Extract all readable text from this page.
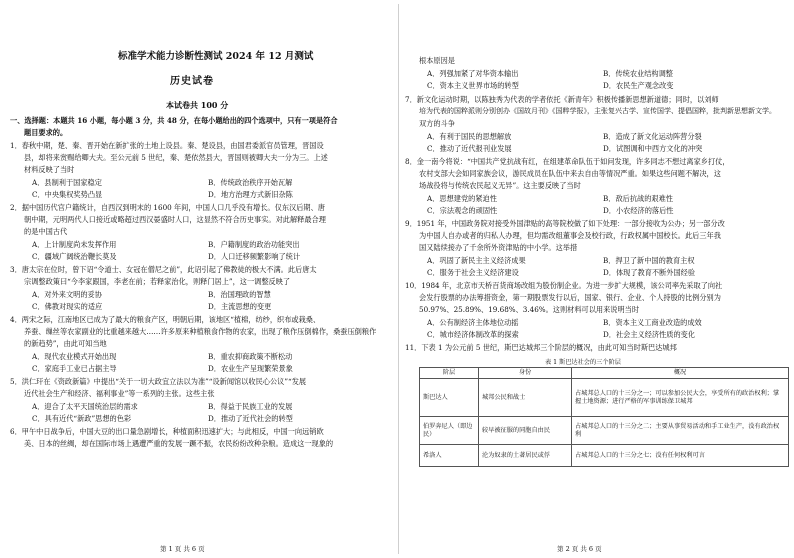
标准学术能力诊断性测试 2024 年 12 月测试
历史试卷
本试卷共 100 分
一、选择题：本题共 16 小题，每小题 3 分，共 48 分，在每小题给出的四个选项中，只有一项是符合
题目要求的。
1．春秋中期，楚、秦、晋开始在新扩张的土地上设县。秦、楚设县，由国君委派官员管理，晋国设
县，却将来赏赐给卿大夫。至公元前 5 世纪，秦、楚依然县大，晋国则被卿大夫一分为三。上述
材料反映了当时
A．县制利于国家稳定	B．传统政治秩序开始瓦解
C．中央集权奖势凸显	D．地方治理方式新旧杂陈
2．据中国历代官户籍统计，自西汉到明末的 1600 年间，中国人口几乎没有增长。仅东汉后期、唐
朝中期，元明两代人口接近或略超过西汉晏盛时人口，这显然不符合历史事实。对此解释最合理
的是中国古代
A．上计制度尚未发挥作用	B．户籍制度的政治功能突出
C．疆域广阔统治鞭长莫及	D．人口迁移频繁影响了统计
3．唐太宗在位时，曾下诏“令道士、女冠在僧尼之前”，此诏引起了佛教徒的极大不满。此后唐太
宗调整政策曰“今李家跟国，李老在前；若释家治化，则释门居上”，这一调整反映了
A．对外来文明的妥协	B．治国理政的智慧
C．佛教对现实的适应	D．主流思想的变更
4．两宋之际，江南地区已成为了最大的粮食产区，明朝后期，该地区“植棉，纺纱，织布或栽桑、
养蚕、缫丝等农家副业的比重越来越大……许多原来种植粮食作物的农家，出现了粮作压倒棉作，桑蚕压倒粮作
的新趋势”，由此可知当地
A．现代农业模式开始出现	B．重农抑商政策不断松动
C．家庭手工业已占据主导	D．农业生产呈现繁荣景象
5．洪仁玕在《资政新篇》中提出“关于一切大政宜立法以为准”“设新闻馆以收民心公议”“发展
近代社会生产和经济、福利事业”等一系列的主张。这些主张
A．迎合了太平天国统治层的需求	B．得益于民族工业的发展
C．具有近代“新政”思想的色彩	D．推动了近代社会的转型
6．甲午中日战争后，中国大豆的出口量急剧增长，种植面积迅速扩大；与此相反，中国一向远销欧
美、日本的丝綢，却在国际市场上遇遭严重的发展一蹶不振，农民纷纷改种杂粮。造成这一现象的
第 1 页 共 6 页
根本原因是
A．列强加紧了对华资本输出	B．传统农业结构调整
C．资本主义世界市场的转型	D．农民生产观念改变
7．新文化运动时期，以陈独秀为代表的学者依托《新青年》积极传播新思想新道德；同时，以刘师
培为代表的国粹派则分别创办《国故月刊》《国粹学报》，主张复兴古学、宣传国学、提倡国粹，批判新思想新文学。
双方的斗争
A．有利于国民的思想解放	B．造成了新文化运动阵营分裂
C．推动了近代报刊业发展	D．试图调和中西方文化的冲突
8．金一南今将说：“中国共产党抗战有红，在组建革命队伍于如问发现，许多同志不想过离家乡打仗，
农村支部大会如同家族会议，游民成员在队伍中来去自由等情况严重。如果这些问题不解决，这
场战役将与传统农民起义无异”。这主要反映了当时
A．思想建党的紧迫性	B．敌后抗战的艰难性
C．宗法观念的顽固性	D．小农经济的落后性
9．1951 年，中国政务院对接受外国津贴的高等院校做了如下处理：一部分接收为公办；另一部分改
为中国人自办或者的归私人办理，但均需改组董事会及校行政，行政权属中国校长。此后三年我
国又陆续接办了千余所外资津贴的中小学。这举措
A．巩固了新民主主义经济成果	B．捍卫了新中国的教育主权
C．服务于社会主义经济建设	D．体现了教育不断外国经验
10．1984 年，北京市天桥百货商场改组为股份制企业。为进一步扩大规模，该公司率先采取了向社
会发行股票的办法筹措资金，第一期股票发行以后，国家、银行、企业、个人持股的比例分别为
50.97%、25.89%、19.68%、3.46%。这则材料可以用来说明当时
A．公有制经济主体地位动摇	B．资本主义工商业改造的成效
C．城市经济体制改革的探索	D．社会主义经济性质的变化
11．下表 1 为公元前 5 世纪，斯巴达城邦三个阶层的概况，由此可知当时斯巴达城邦
表 1 斯巴达社会的三个阶层
阶层	身份	概况
斯巴达人	城邦公民和战士	占城邦总人口的十三分之一；可以参加公民大会，享受所有的政治权利；掌握土地资源；进行严格的军事训练保卫城邦
伯罗奔尼人（即边民）	较早被征服的同胞自由民	占城邦总人口的十三分之二；主要从事贸易活动和手工业生产，没有政治权利
希洛人	沦为奴隶的土著居民或俘	占城邦总人口的十三分之七；没有任何权利可言
第 2 页 共 6 页
